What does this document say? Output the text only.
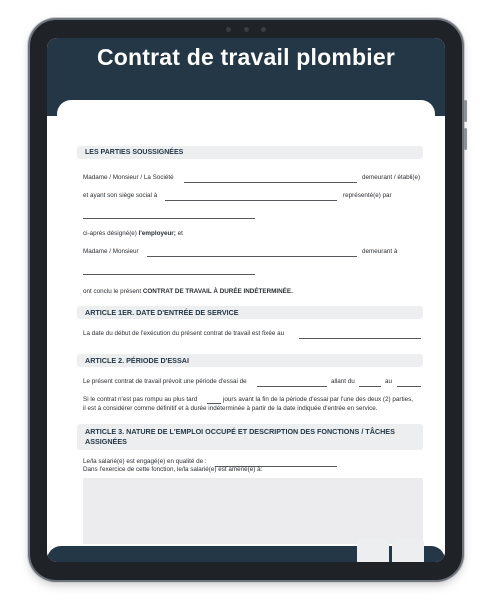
Contrat de travail plombier
LES PARTIES SOUSSIGNÉES
Madame / Monsieur / La Société	demeurant / établi(e)
et ayant son siège social à	représenté(e) par
ci-après désigné(e) l'employeur; et
Madame / Monsieur	demeurant à
ont conclu le présent CONTRAT DE TRAVAIL À DURÉE INDÉTERMINÉE.
ARTICLE 1ER. DATE D'ENTRÉE DE SERVICE
La date du début de l'exécution du présent contrat de travail est fixée au
ARTICLE 2. PÉRIODE D'ESSAI
Le présent contrat de travail prévoit une période d'essai de	allant du	au
Si le contrat n'est pas rompu au plus tard	jours avant la fin de la période d'essai par l'une des deux (2) parties,
il est à considérer comme définitif et à durée indéterminée à partir de la date indiquée d'entrée en service.
ARTICLE 3. NATURE DE L'EMPLOI OCCUPÉ ET DESCRIPTION DES FONCTIONS / TÂCHES
ASSIGNÉES
Le/la salarié(e) est engagé(e) en qualité de :
Dans l'exercice de cette fonction, le/la salarié(e) est amené(e) à:
